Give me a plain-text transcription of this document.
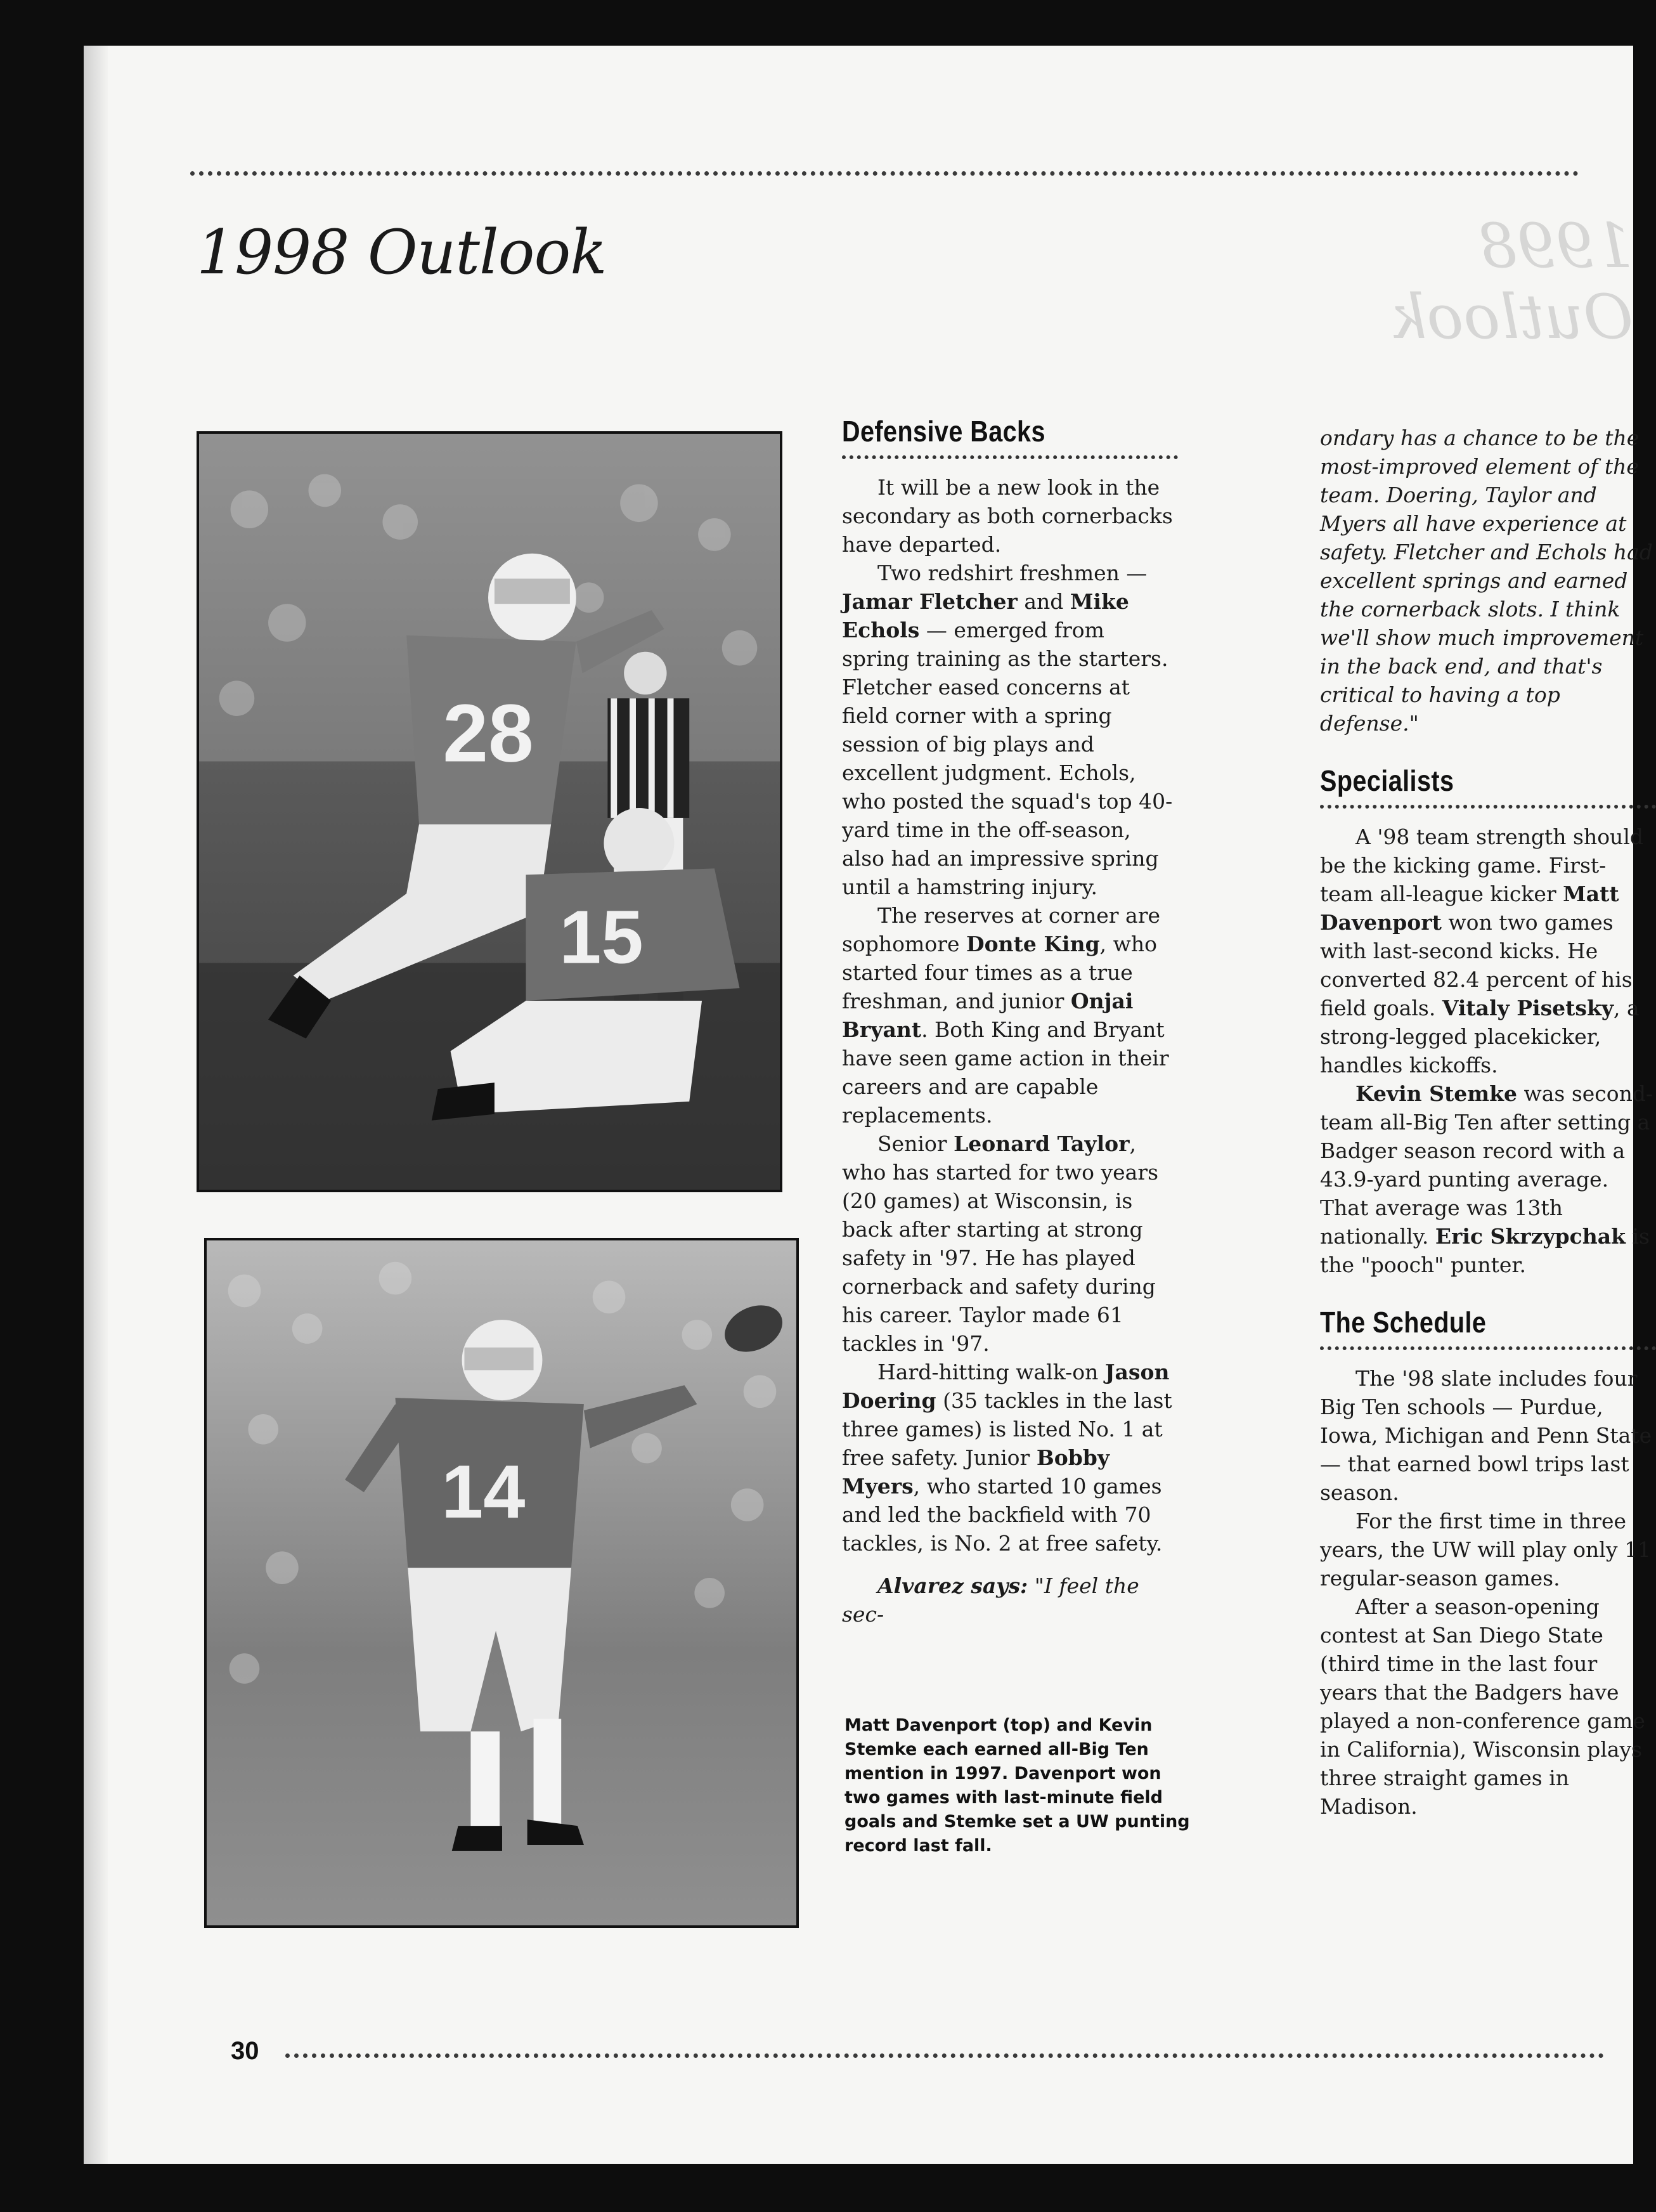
1998 Outlook
1998 Outlook
28
15
14
Defensive Backs

It will be a new look in the secondary as both cornerbacks have departed.

Two redshirt freshmen — Jamar Fletcher and Mike Echols — emerged from spring training as the starters. Fletcher eased concerns at field corner with a spring session of big plays and excellent judgment. Echols, who posted the squad's top 40-yard time in the off-season, also had an impressive spring until a hamstring injury.

The reserves at corner are sophomore Donte King, who started four times as a true freshman, and junior Onjai Bryant. Both King and Bryant have seen game action in their careers and are capable replacements.

Senior Leonard Taylor, who has started for two years (20 games) at Wisconsin, is back after starting at strong safety in '97. He has played cornerback and safety during his career. Taylor made 61 tackles in '97.

Hard-hitting walk-on Jason Doering (35 tackles in the last three games) is listed No. 1 at free safety. Junior Bobby Myers, who started 10 games and led the backfield with 70 tackles, is No. 2 at free safety.

Alvarez says: "I feel the sec-

Matt Davenport (top) and Kevin Stemke each earned all-Big Ten mention in 1997. Davenport won two games with last-minute field goals and Stemke set a UW punting record last fall.

ondary has a chance to be the most-improved element of the team. Doering, Taylor and Myers all have experience at safety. Fletcher and Echols had excellent springs and earned the cornerback slots. I think we'll show much improvement in the back end, and that's critical to having a top defense."

Specialists

A '98 team strength should be the kicking game. First-team all-league kicker Matt Davenport won two games with last-second kicks. He converted 82.4 percent of his field goals. Vitaly Pisetsky, a strong-legged placekicker, handles kickoffs.

Kevin Stemke was second-team all-Big Ten after setting a Badger season record with a 43.9-yard punting average. That average was 13th nationally. Eric Skrzypchak is the "pooch" punter.

The Schedule

The '98 slate includes four Big Ten schools — Purdue, Iowa, Michigan and Penn State — that earned bowl trips last season.

For the first time in three years, the UW will play only 11 regular-season games.

After a season-opening contest at San Diego State (third time in the last four years that the Badgers have played a non-conference game in California), Wisconsin plays three straight games in Madison.

30
